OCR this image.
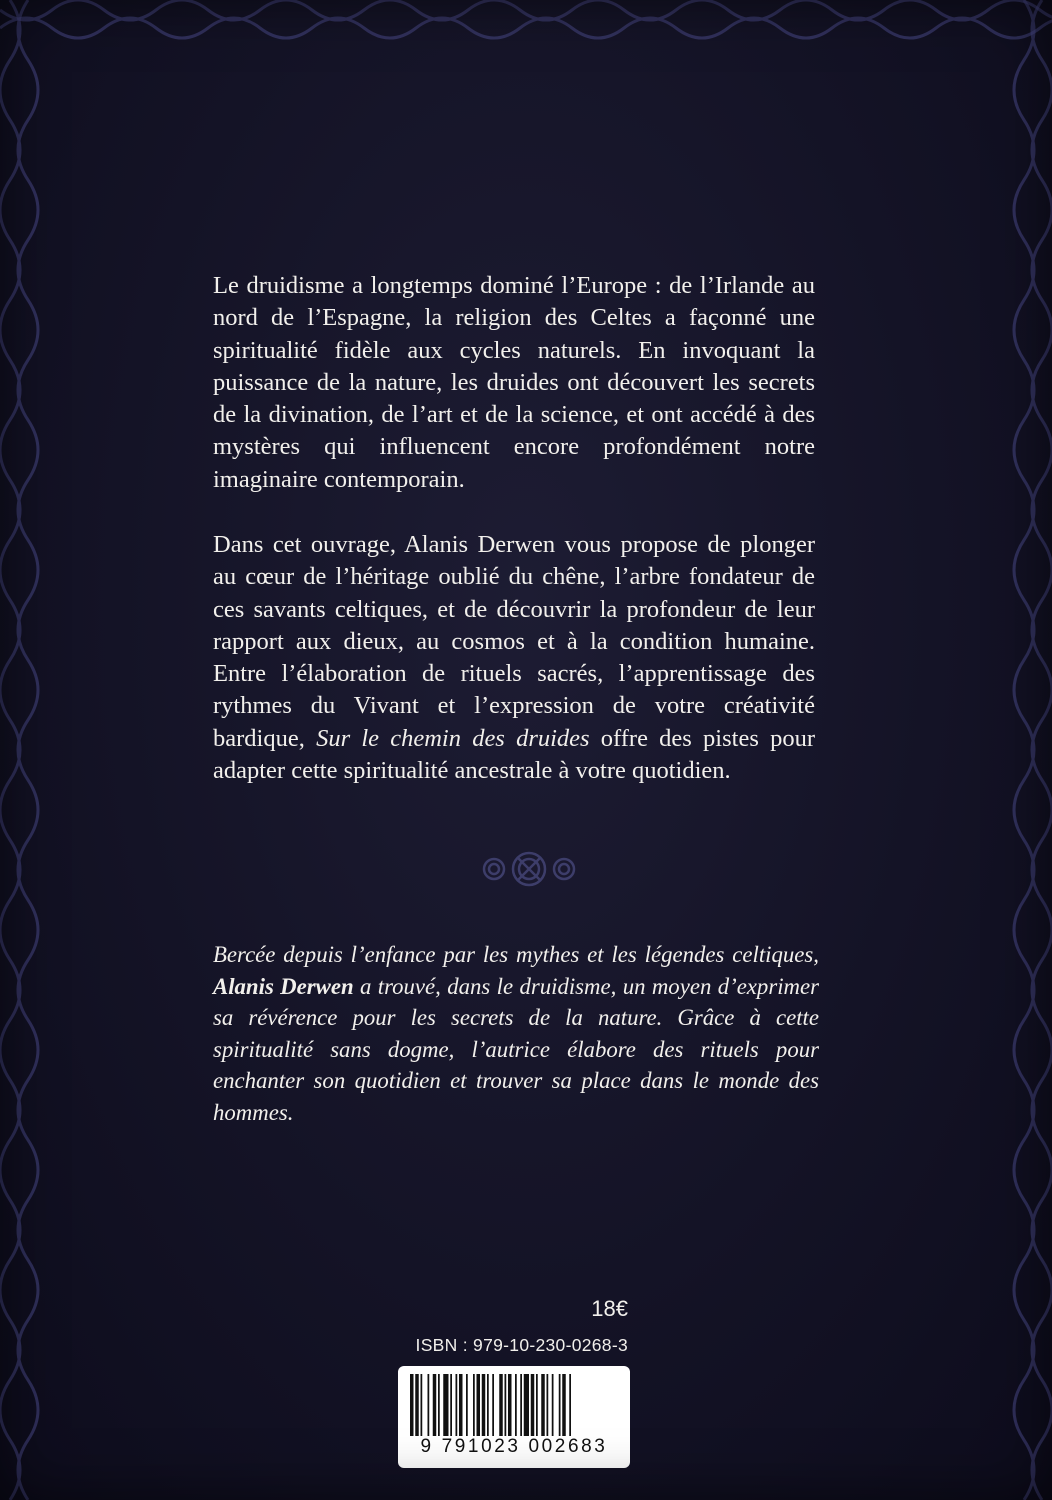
Le druidisme a longtemps dominé l’Europe : de l’Irlande au nord de l’Espagne, la religion des Celtes a façonné une spiritualité fidèle aux cycles naturels. En invoquant la puissance de la nature, les druides ont découvert les secrets de la divination, de l’art et de la science, et ont accédé à des mystères qui influencent encore profondément notre imaginaire contemporain.

Dans cet ouvrage, Alanis Derwen vous propose de plonger au cœur de l’héritage oublié du chêne, l’arbre fondateur de ces savants celtiques, et de découvrir la profondeur de leur rapport aux dieux, au cosmos et à la condition humaine. Entre l’élaboration de rituels sacrés, l’apprentissage des rythmes du Vivant et l’expression de votre créativité bardique, Sur le chemin des druides offre des pistes pour adapter cette spiritualité ancestrale à votre quotidien.

Bercée depuis l’enfance par les mythes et les légendes celtiques, Alanis Derwen a trouvé, dans le druidisme, un moyen d’exprimer sa révérence pour les secrets de la nature. Grâce à cette spiritualité sans dogme, l’autrice élabore des rituels pour enchanter son quotidien et trouver sa place dans le monde des hommes.

18€
ISBN : 979-10-230-0268-3
9 791023 002683
